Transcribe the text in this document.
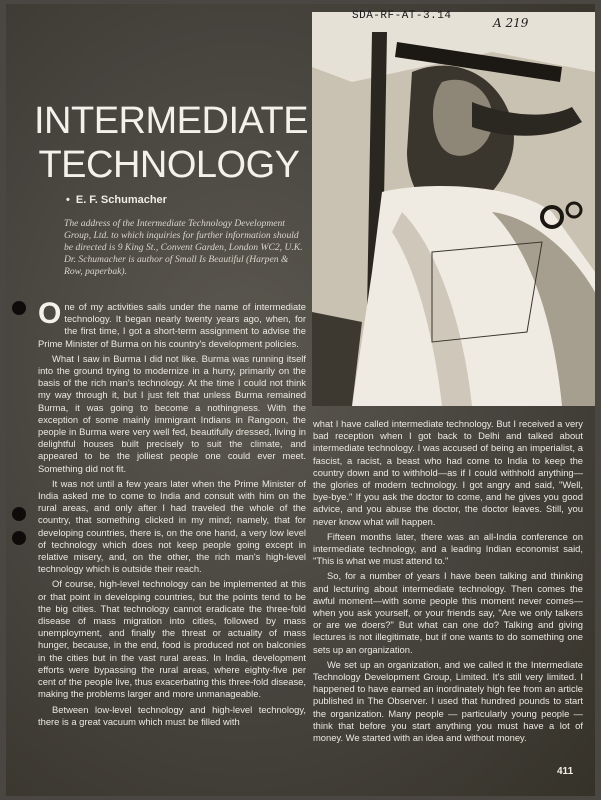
SDA-RF-AT-3.14	A 219
INTERMEDIATE
TECHNOLOGY
• E. F. Schumacher
The address of the Intermediate Technology Development Group, Ltd. to which inquiries for further information should be directed is 9 King St., Convent Garden, London WC2, U.K. Dr. Schumacher is author of Small Is Beautiful (Harpen & Row, paperbak).

One of my activities sails under the name of intermediate technology. It began nearly twenty years ago, when, for the first time, I got a short-term assignment to advise the Prime Minister of Burma on his country's development policies.

What I saw in Burma I did not like. Burma was running itself into the ground trying to modernize in a hurry, primarily on the basis of the rich man's technology. At the time I could not think my way through it, but I just felt that unless Burma remained Burma, it was going to become a nothingness. With the exception of some mainly immigrant Indians in Rangoon, the people in Burma were very well fed, beautifully dressed, living in delightful houses built precisely to suit the climate, and appeared to be the jolliest people one could ever meet. Something did not fit.

It was not until a few years later when the Prime Minister of India asked me to come to India and consult with him on the rural areas, and only after I had traveled the whole of the country, that something clicked in my mind; namely, that for developing countries, there is, on the one hand, a very low level of technology which does not keep people going except in relative misery, and, on the other, the rich man's high-level technology which is outside their reach.

Of course, high-level technology can be implemented at this or that point in developing countries, but the points tend to be the big cities. That technology cannot eradicate the three-fold disease of mass migration into cities, followed by mass unemployment, and finally the threat or actuality of mass hunger, because, in the end, food is produced not on balconies in the cities but in the vast rural areas. In India, development efforts were bypassing the rural areas, where eighty-five per cent of the people live, thus exacerbating this three-fold disease, making the problems larger and more unmanageable.

Between low-level technology and high-level technology, there is a great vacuum which must be filled with

what I have called intermediate technology. But I received a very bad reception when I got back to Delhi and talked about intermediate technology. I was accused of being an imperialist, a fascist, a racist, a beast who had come to India to keep the country down and to withhold—as if I could withhold anything—the glories of modern technology. I got angry and said, "Well, bye-bye." If you ask the doctor to come, and he gives you good advice, and you abuse the doctor, the doctor leaves. Still, you never know what will happen.

Fifteen months later, there was an all-India conference on intermediate technology, and a leading Indian economist said, "This is what we must attend to."

So, for a number of years I have been talking and thinking and lecturing about intermediate technology. Then comes the awful moment—with some people this moment never comes—when you ask yourself, or your friends say, "Are we only talkers or are we doers?" But what can one do? Talking and giving lectures is not illegitimate, but if one wants to do something one sets up an organization.

We set up an organization, and we called it the Intermediate Technology Development Group, Limited. It's still very limited. I happened to have earned an inordinately high fee from an article published in The Observer. I used that hundred pounds to start the organization. Many people — particularly young people — think that before you start anything you must have a lot of money. We started with an idea and without money.

411
